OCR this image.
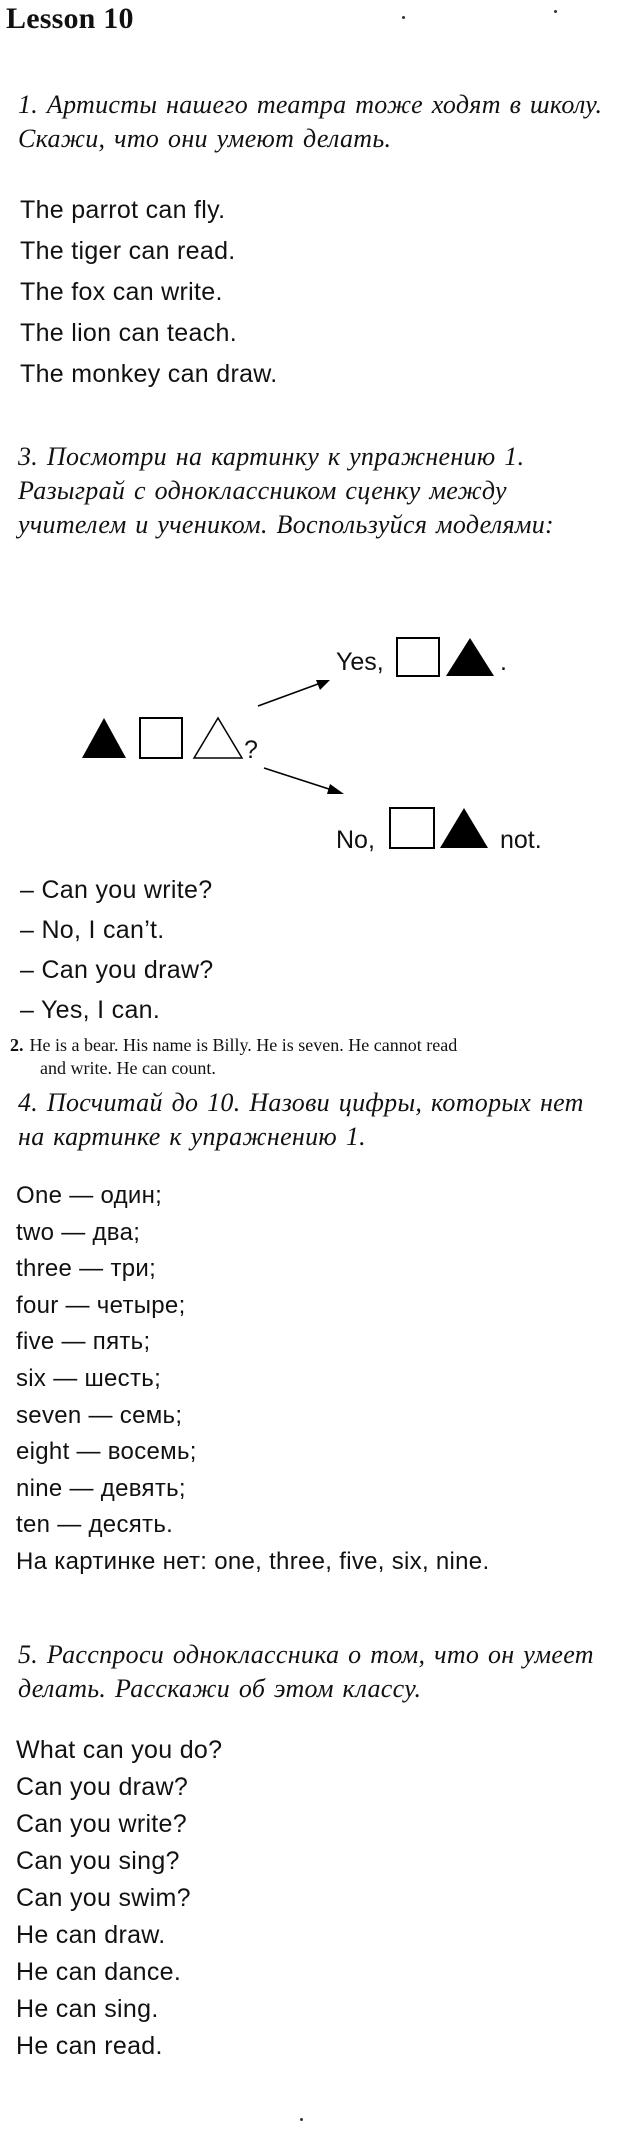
Lesson 10
1. Артисты нашего театра тоже ходят в школу. Скажи, что они умеют делать.
The parrot can fly.
The tiger can read.
The fox can write.
The lion can teach.
The monkey can draw.
3. Посмотри на картинку к упражнению 1. Разыграй с одноклассником сценку между учителем и учеником. Воспользуйся моделями:
?
Yes,	.
No,	not.
– Can you write?
– No, I can’t.
– Can you draw?
– Yes, I can.
2. He is a bear. His name is Billy. He is seven. He cannot read
and write. He can count.
4. Посчитай до 10. Назови цифры, которых нет на картинке к упражнению 1.
One — один;
two — два;
three — три;
four — четыре;
five — пять;
six — шесть;
seven — семь;
eight — восемь;
nine — девять;
ten — десять.
На картинке нет: one, three, five, six, nine.
5. Расспроси одноклассника о том, что он умеет делать. Расскажи об этом классу.
What can you do?
Can you draw?
Can you write?
Can you sing?
Can you swim?
He can draw.
He can dance.
He can sing.
He can read.
